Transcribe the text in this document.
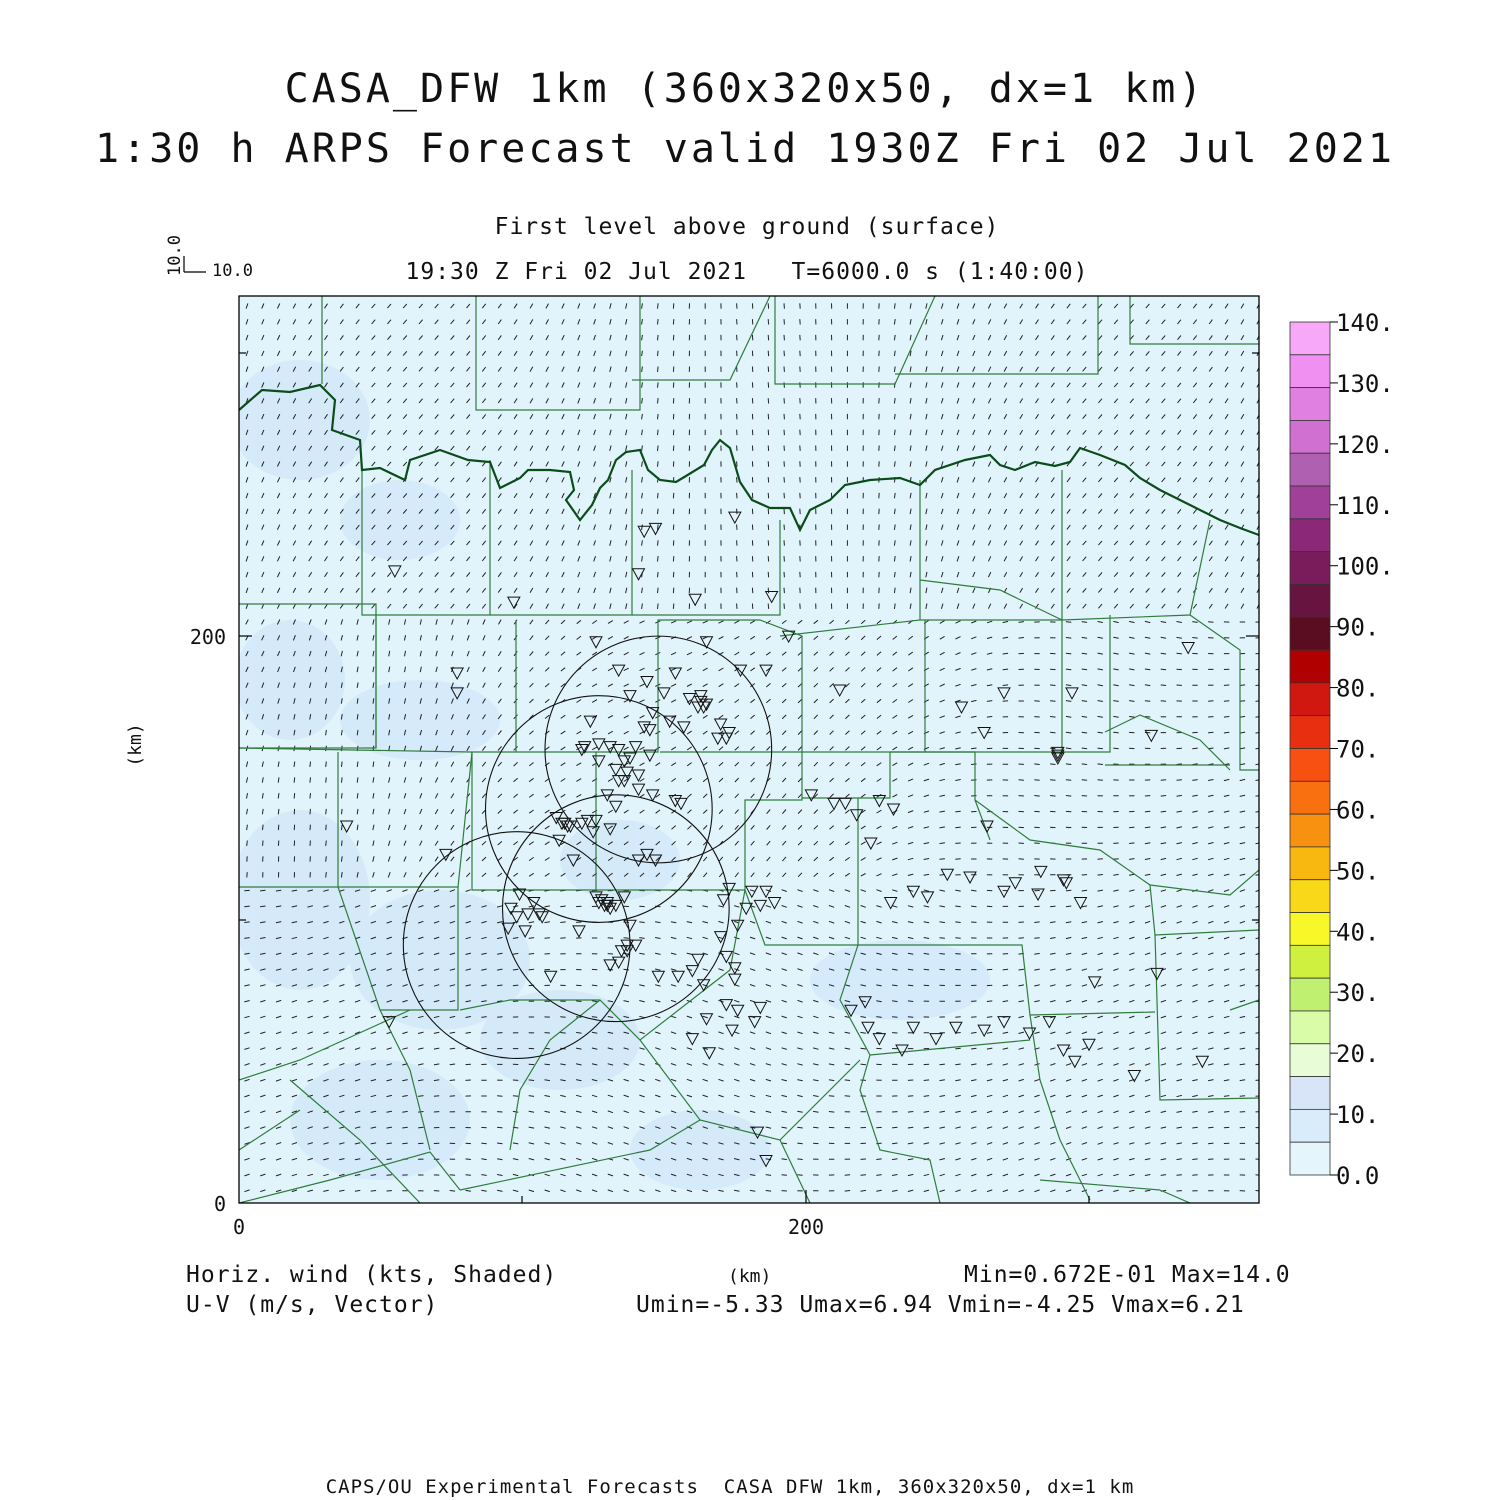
CASA_DFW 1km (360x320x50, dx=1 km)
1:30 h ARPS Forecast valid 1930Z Fri 02 Jul 2021
First level above ground (surface)
19:30 Z Fri 02 Jul 2021   T=6000.0 s (1:40:00)
10.0
10.0
200
0
0	200
(km)
140.
130.
120.
110.
100.
90.
80.
70.
60.
50.
40.
30.
20.
10.
0.0
Horiz. wind (kts, Shaded)
U-V (m/s, Vector)
(km)	Min=0.672E-01 Max=14.0
Umin=-5.33 Umax=6.94 Vmin=-4.25 Vmax=6.21
CAPS/OU Experimental Forecasts  CASA DFW 1km, 360x320x50, dx=1 km
